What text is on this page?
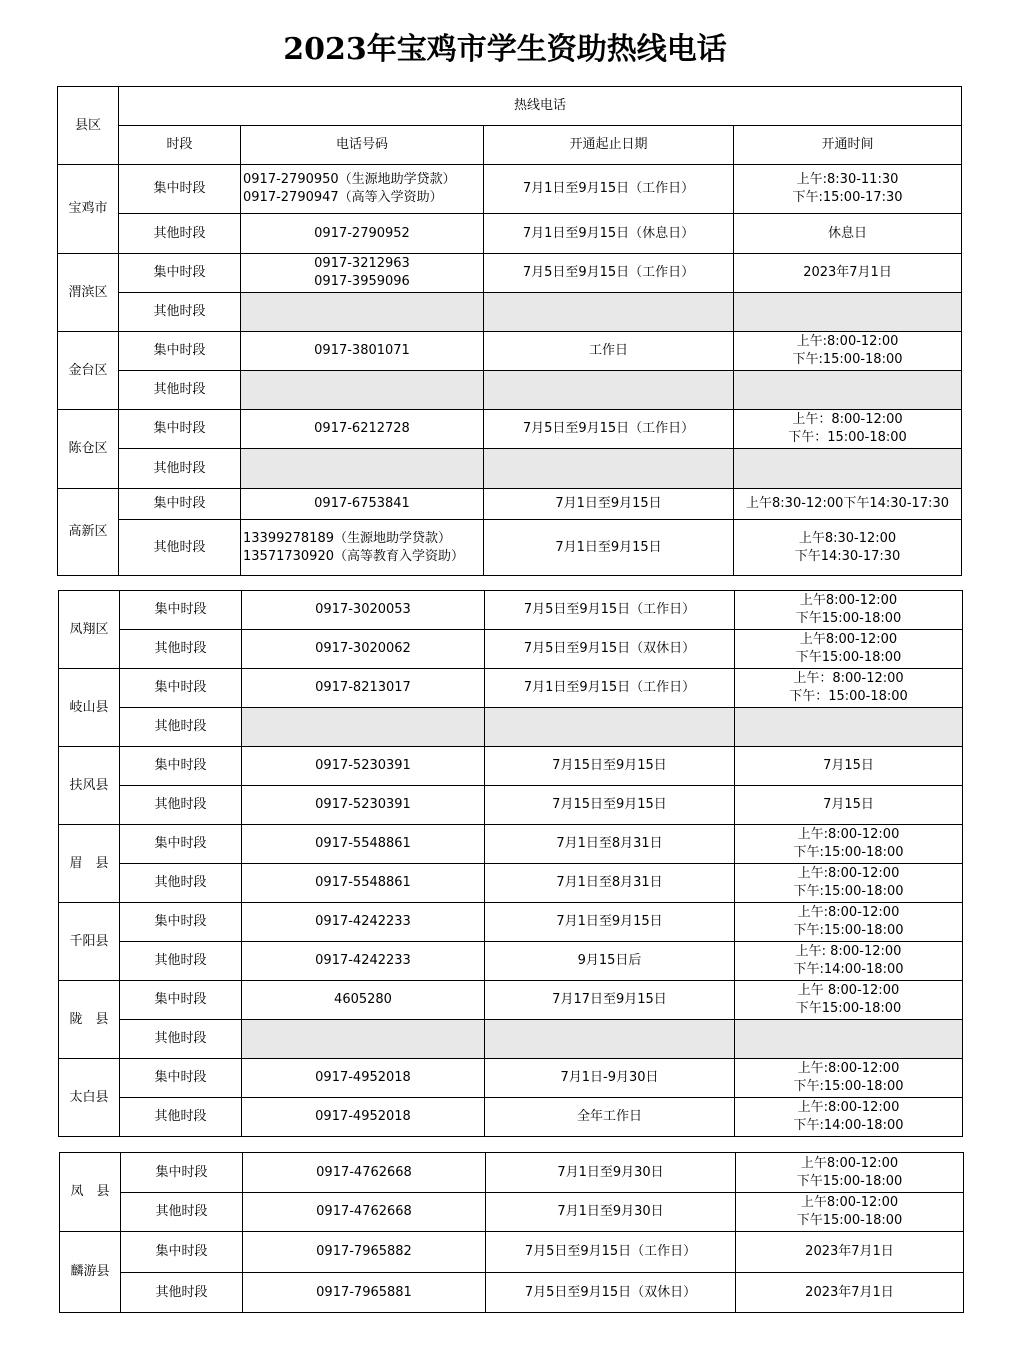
2023年宝鸡市学生资助热线电话
县区	热线电话			
	时段	电话号码	开通起止日期	开通时间
宝鸡市	集中时段	0917-2790950（生源地助学贷款）
0917-2790947（高等入学资助）	7月1日至9月15日（工作日）	上午:8:30-11:30
下午:15:00-17:30

	其他时段	0917-2790952	7月1日至9月15日（休息日）	休息日

渭滨区	集中时段	0917-3212963
0917-3959096	7月5日至9月15日（工作日）	2023年7月1日

	其他时段			
金台区	集中时段	0917-3801071	工作日	上午:8:00-12:00
下午:15:00-18:00

	其他时段			
陈仓区	集中时段	0917-6212728	7月5日至9月15日（工作日）	上午：8:00-12:00
下午：15:00-18:00

	其他时段			
高新区	集中时段	0917-6753841	7月1日至9月15日	上午8:30-12:00下午14:30-17:30

	其他时段	13399278189（生源地助学贷款）
13571730920（高等教育入学资助）	7月1日至9月15日	上午8:30-12:00
下午14:30-17:30
凤翔区	集中时段	0917-3020053	7月5日至9月15日（工作日）	上午8:00-12:00
下午15:00-18:00

	其他时段	0917-3020062	7月5日至9月15日（双休日）	上午8:00-12:00
下午15:00-18:00

岐山县	集中时段	0917-8213017	7月1日至9月15日（工作日）	上午：8:00-12:00
下午：15:00-18:00

	其他时段			
扶风县	集中时段	0917-5230391	7月15日至9月15日	7月15日

	其他时段	0917-5230391	7月15日至9月15日	7月15日

眉　县	集中时段	0917-5548861	7月1日至8月31日	上午:8:00-12:00
下午:15:00-18:00

	其他时段	0917-5548861	7月1日至8月31日	上午:8:00-12:00
下午:15:00-18:00

千阳县	集中时段	0917-4242233	7月1日至9月15日	上午:8:00-12:00
下午:15:00-18:00

	其他时段	0917-4242233	9月15日后	上午: 8:00-12:00
下午:14:00-18:00

陇　县	集中时段	4605280	7月17日至9月15日	上午 8:00-12:00
下午15:00-18:00

	其他时段			
太白县	集中时段	0917-4952018	7月1日-9月30日	上午:8:00-12:00
下午:15:00-18:00

	其他时段	0917-4952018	全年工作日	上午:8:00-12:00
下午:14:00-18:00
凤　县	集中时段	0917-4762668	7月1日至9月30日	上午8:00-12:00
下午15:00-18:00

	其他时段	0917-4762668	7月1日至9月30日	上午8:00-12:00
下午15:00-18:00

麟游县	集中时段	0917-7965882	7月5日至9月15日（工作日）	2023年7月1日

	其他时段	0917-7965881	7月5日至9月15日（双休日）	2023年7月1日
